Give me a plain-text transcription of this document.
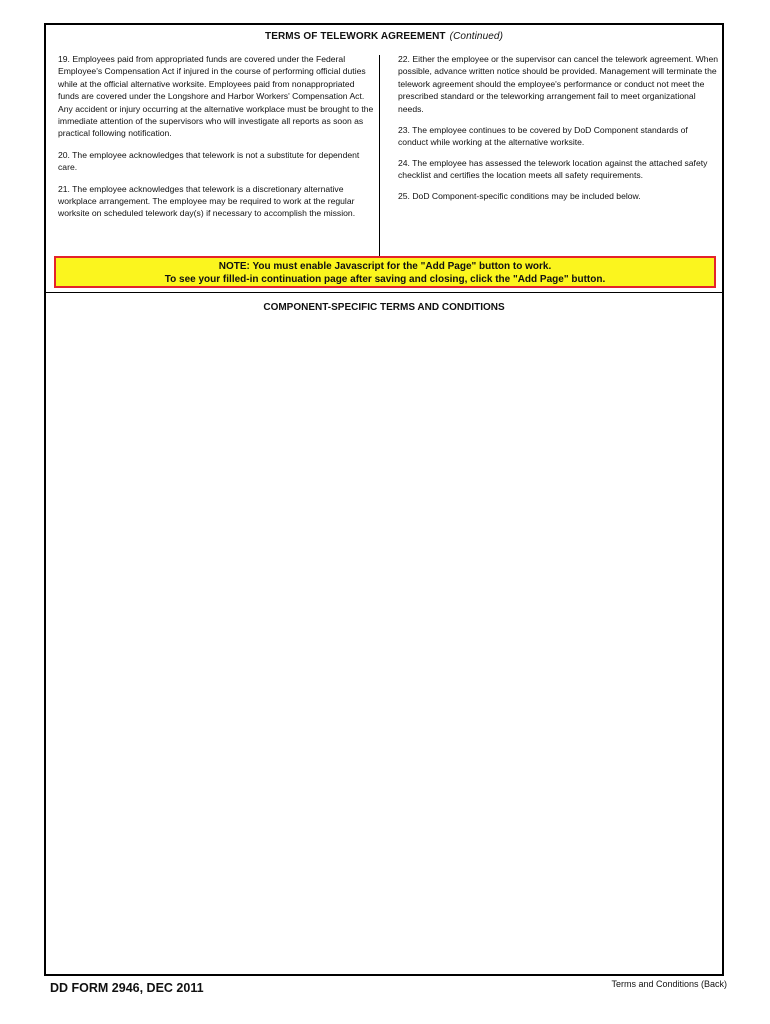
TERMS OF TELEWORK AGREEMENT (Continued)

19. Employees paid from appropriated funds are covered under the Federal Employee's Compensation Act if injured in the course of performing official duties while at the official alternative worksite. Employees paid from nonappropriated funds are covered under the Longshore and Harbor Workers' Compensation Act. Any accident or injury occurring at the alternative workplace must be brought to the immediate attention of the supervisors who will investigate all reports as soon as practical following notification.

20. The employee acknowledges that telework is not a substitute for dependent care.

21. The employee acknowledges that telework is a discretionary alternative workplace arrangement. The employee may be required to work at the regular worksite on scheduled telework day(s) if necessary to accomplish the mission.

22. Either the employee or the supervisor can cancel the telework agreement. When possible, advance written notice should be provided. Management will terminate the telework agreement should the employee's performance or conduct not meet the prescribed standard or the teleworking arrangement fail to meet organizational needs.

23. The employee continues to be covered by DoD Component standards of conduct while working at the alternative worksite.

24. The employee has assessed the telework location against the attached safety checklist and certifies the location meets all safety requirements.

25. DoD Component-specific conditions may be included below.

NOTE: You must enable Javascript for the "Add Page" button to work.
To see your filled-in continuation page after saving and closing, click the "Add Page" button.
COMPONENT-SPECIFIC TERMS AND CONDITIONS
DD FORM 2946, DEC 2011	Terms and Conditions (Back)
